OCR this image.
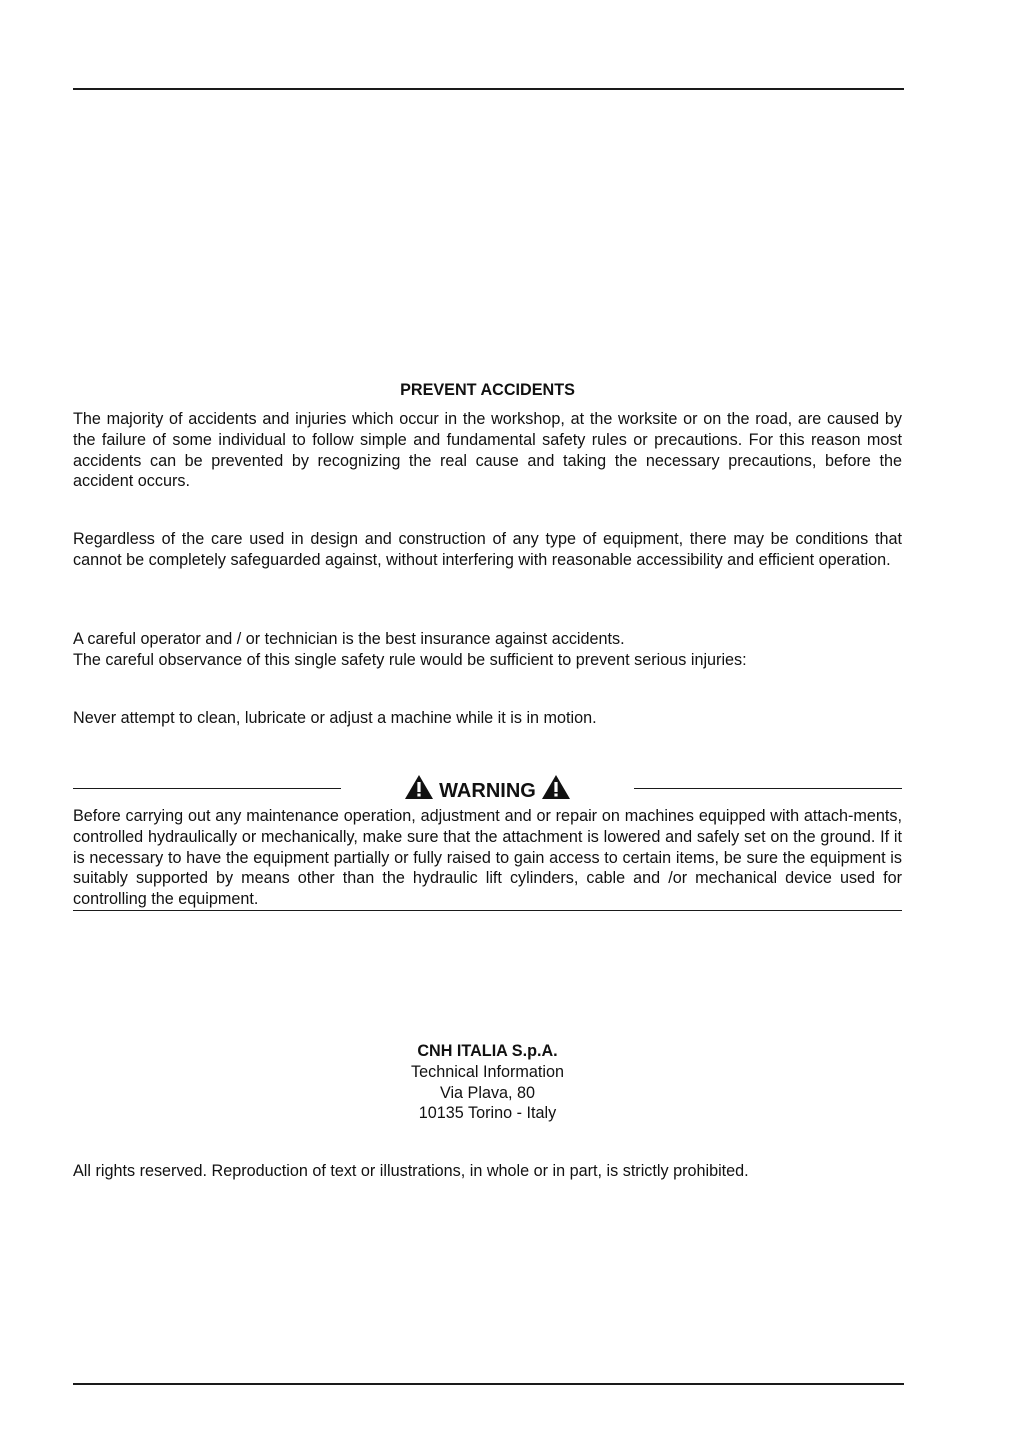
PREVENT ACCIDENTS

The majority of accidents and injuries which occur in the workshop, at the worksite or on the road, are caused by the failure of some individual to follow simple and fundamental safety rules or precautions. For this reason most accidents can be prevented by recognizing the real cause and taking the necessary precautions, before the accident occurs.

Regardless of the care used in design and construction of any type of equipment, there may be conditions that cannot be completely safeguarded against, without interfering with reasonable accessibility and efficient operation.

A careful operator and / or technician is the best insurance against accidents.

The careful observance of this single safety rule would be sufficient to prevent serious injuries:

Never attempt to clean, lubricate or adjust a machine while it is in motion.

WARNING

Before carrying out any maintenance operation, adjustment and or repair on machines equipped with attach-ments, controlled hydraulically or mechanically, make sure that the attachment is lowered and safely set on the ground. If it is necessary to have the equipment partially or fully raised to gain access to certain items, be sure the equipment is suitably supported by means other than the hydraulic lift cylinders, cable and /or mechanical device used for controlling the equipment.

CNH ITALIA S.p.A.
Technical Information
Via Plava, 80
10135 Torino - Italy

All rights reserved. Reproduction of text or illustrations, in whole or in part, is strictly prohibited.
